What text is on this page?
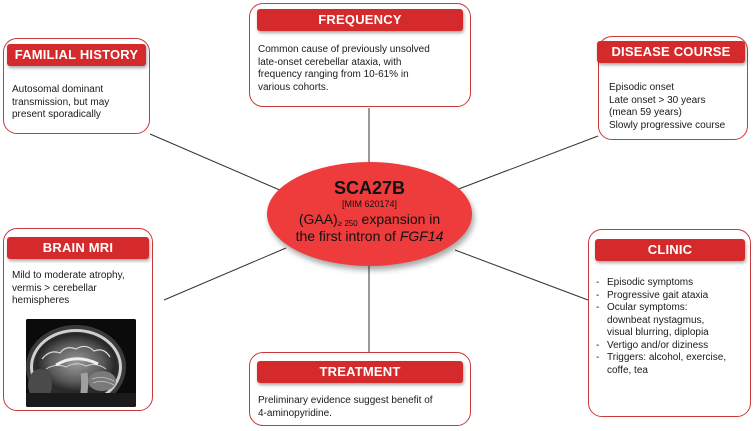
FREQUENCY
Common cause of previously unsolved
late-onset cerebellar ataxia, with
frequency ranging from 10-61% in
various cohorts.
FAMILIAL HISTORY
Autosomal dominant
transmission, but may
present sporadically
DISEASE COURSE
Episodic onset
Late onset > 30 years
(mean 59 years)
Slowly progressive course
BRAIN MRI
Mild to moderate atrophy,
vermis > cerebellar
hemispheres
CLINIC
- Episodic symptoms
- Progressive gait ataxia
- Ocular symptoms:
downbeat nystagmus,
visual blurring, diplopia
- Vertigo and/or diziness
- Triggers: alcohol, exercise,
coffe, tea
TREATMENT
Preliminary evidence suggest benefit of
4-aminopyridine.
SCA27B
[MIM 620174]
$(GAA)_{\ge 250}$ expansion in
the first intron of FGF14
